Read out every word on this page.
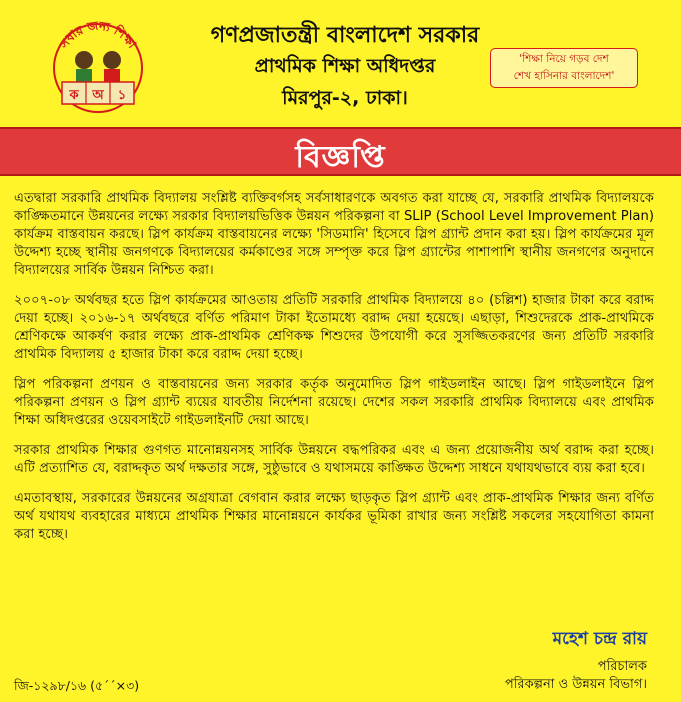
সবার জন্য শিক্ষা
ক অ ১
গণপ্রজাতন্ত্রী বাংলাদেশ সরকার
প্রাথমিক শিক্ষা অধিদপ্তর
মিরপুর-২, ঢাকা।
'শিক্ষা নিয়ে গড়ব দেশ
শেখ হাসিনার বাংলাদেশ'
বিজ্ঞপ্তি

এতদ্বারা সরকারি প্রাথমিক বিদ্যালয় সংশ্লিষ্ট ব্যক্তিবর্গসহ সর্বসাধারণকে অবগত করা যাচ্ছে যে, সরকারি প্রাথমিক বিদ্যালয়কে কাঙ্ক্ষিতমানে উন্নয়নের লক্ষ্যে সরকার বিদ্যালয়ভিত্তিক উন্নয়ন পরিকল্পনা বা SLIP (School Level Improvement Plan) কার্যক্রম বাস্তবায়ন করছে। স্লিপ কার্যক্রম বাস্তবায়নের লক্ষ্যে 'সিডমানি' হিসেবে স্লিপ গ্র্যান্ট প্রদান করা হয়। স্লিপ কার্যক্রমের মূল উদ্দেশ্য হচ্ছে স্থানীয় জনগণকে বিদ্যালয়ের কর্মকাণ্ডের সঙ্গে সম্পৃক্ত করে স্লিপ গ্র্যান্টের পাশাপাশি স্থানীয় জনগণের অনুদানে বিদ্যালয়ের সার্বিক উন্নয়ন নিশ্চিত করা।

২০০৭-০৮ অর্থবছর হতে স্লিপ কার্যক্রমের আওতায় প্রতিটি সরকারি প্রাথমিক বিদ্যালয়ে ৪০ (চল্লিশ) হাজার টাকা করে বরাদ্দ দেয়া হচ্ছে। ২০১৬-১৭ অর্থবছরে বর্ণিত পরিমাণ টাকা ইতোমধ্যে বরাদ্দ দেয়া হয়েছে। এছাড়া, শিশুদেরকে প্রাক-প্রাথমিকে শ্রেণিকক্ষে আকর্ষণ করার লক্ষ্যে প্রাক-প্রাথমিক শ্রেণিকক্ষ শিশুদের উপযোগী করে সুসজ্জিতকরণের জন্য প্রতিটি সরকারি প্রাথমিক বিদ্যালয় ৫ হাজার টাকা করে বরাদ্দ দেয়া হচ্ছে।

স্লিপ পরিকল্পনা প্রণয়ন ও বাস্তবায়নের জন্য সরকার কর্তৃক অনুমোদিত স্লিপ গাইডলাইন আছে। স্লিপ গাইডলাইনে স্লিপ পরিকল্পনা প্রণয়ন ও স্লিপ গ্র্যান্ট ব্যয়ের যাবতীয় নির্দেশনা রয়েছে। দেশের সকল সরকারি প্রাথমিক বিদ্যালয়ে এবং প্রাথমিক শিক্ষা অধিদপ্তরের ওয়েবসাইটে গাইডলাইনটি দেয়া আছে।

সরকার প্রাথমিক শিক্ষার গুণগত মানোন্নয়নসহ সার্বিক উন্নয়নে বদ্ধপরিকর এবং এ জন্য প্রয়োজনীয় অর্থ বরাদ্দ করা হচ্ছে। এটি প্রত্যাশিত যে, বরাদ্দকৃত অর্থ দক্ষতার সঙ্গে, সুষ্ঠুভাবে ও যথাসময়ে কাঙ্ক্ষিত উদ্দেশ্য সাধনে যথাযথভাবে ব্যয় করা হবে।

এমতাবস্থায়, সরকারের উন্নয়নের অগ্রযাত্রা বেগবান করার লক্ষ্যে ছাড়কৃত স্লিপ গ্র্যান্ট এবং প্রাক-প্রাথমিক শিক্ষার জন্য বর্ণিত অর্থ যথাযথ ব্যবহারের মাধ্যমে প্রাথমিক শিক্ষার মানোন্নয়নে কার্যকর ভূমিকা রাখার জন্য সংশ্লিষ্ট সকলের সহযোগিতা কামনা করা হচ্ছে।

মহেশ চন্দ্র রায়
পরিচালক
পরিকল্পনা ও উন্নয়ন বিভাগ।
জি-১২৯৮/১৬ (৫´´×৩)
